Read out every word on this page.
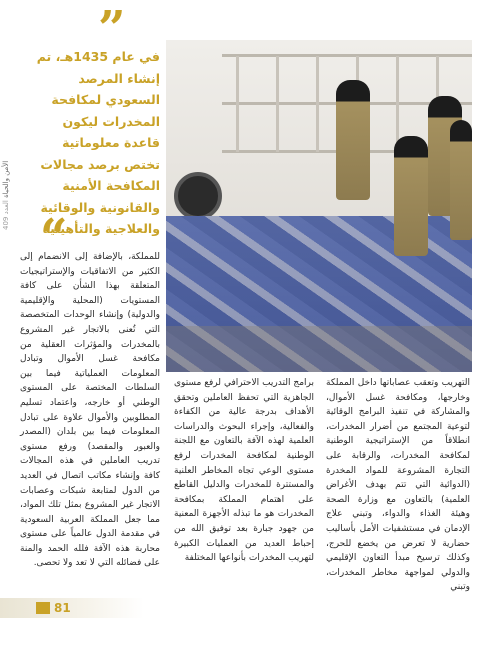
الأمن والحياة العدد 409
”
في عام 1435هـ، تم إنشاء المرصد السعودي لمكافحة المخدرات ليكون قاعدة معلوماتية تختص برصد مجالات المكافحة الأمنية والقانونية والوقائية والعلاجية والتأهيلية
“
للمملكة، بالإضافة إلى الانضمام إلى الكثير من الاتفاقيات والإستراتيجيات المتعلقة بهذا الشأن على كافة المستويات (المحلية والإقليمية والدولية) وإنشاء الوحدات المتخصصة التي تُعنى بالاتجار غير المشروع بالمخدرات والمؤثرات العقلية من مكافحة غسل الأموال وتبادل المعلومات العملياتية فيما بين السلطات المختصة على المستوى الوطني أو خارجه، واعتماد تسليم المطلوبين والأموال علاوة على تبادل المعلومات فيما بين بلدان (المصدر والعبور والمقصد) ورفع مستوى تدريب العاملين في هذه المجالات كافة وإنشاء مكاتب اتصال في العديد من الدول لمتابعة شبكات وعصابات الاتجار غير المشروع بمثل تلك المواد، مما جعل المملكة العربية السعودية في مقدمة الدول عالمياً على مستوى محاربة هذه الآفة فلله الحمد والمنة على فضائله التي لا تعد ولا تحصى.
برامج التدريب الاحترافي لرفع مستوى الجاهزية التي تحفظ العاملين وتحقق الأهداف بدرجة عالية من الكفاءة والفعالية، وإجراء البحوث والدراسات العلمية لهذه الآفة بالتعاون مع اللجنة الوطنية لمكافحة المخدرات لرفع مستوى الوعي تجاه المخاطر العلنية والمستترة للمخدرات والدليل القاطع على اهتمام المملكة بمكافحة المخدرات هو ما تبذله الأجهزة المعنية من جهود جبارة بعد توفيق الله من إحباط العديد من العمليات الكبيرة لتهريب المخدرات بأنواعها المختلفة
التهريب وتعقب عصاباتها داخل المملكة وخارجها، ومكافحة غسل الأموال، والمشاركة في تنفيذ البرامج الوقائية لتوعية المجتمع من أضرار المخدرات، انطلاقاً من الإستراتيجية الوطنية لمكافحة المخدرات، والرقابة على التجارة المشروعة للمواد المخدرة (الدوائية التي تتم بهدف الأغراض العلمية) بالتعاون مع وزارة الصحة وهيئة الغذاء والدواء، وتبني علاج الإدمان في مستشفيات الأمل بأساليب حضارية لا تعرض من يخضع للحرج، وكذلك ترسيخ مبدأ التعاون الإقليمي والدولي لمواجهة مخاطر المخدرات، وتبني
81
